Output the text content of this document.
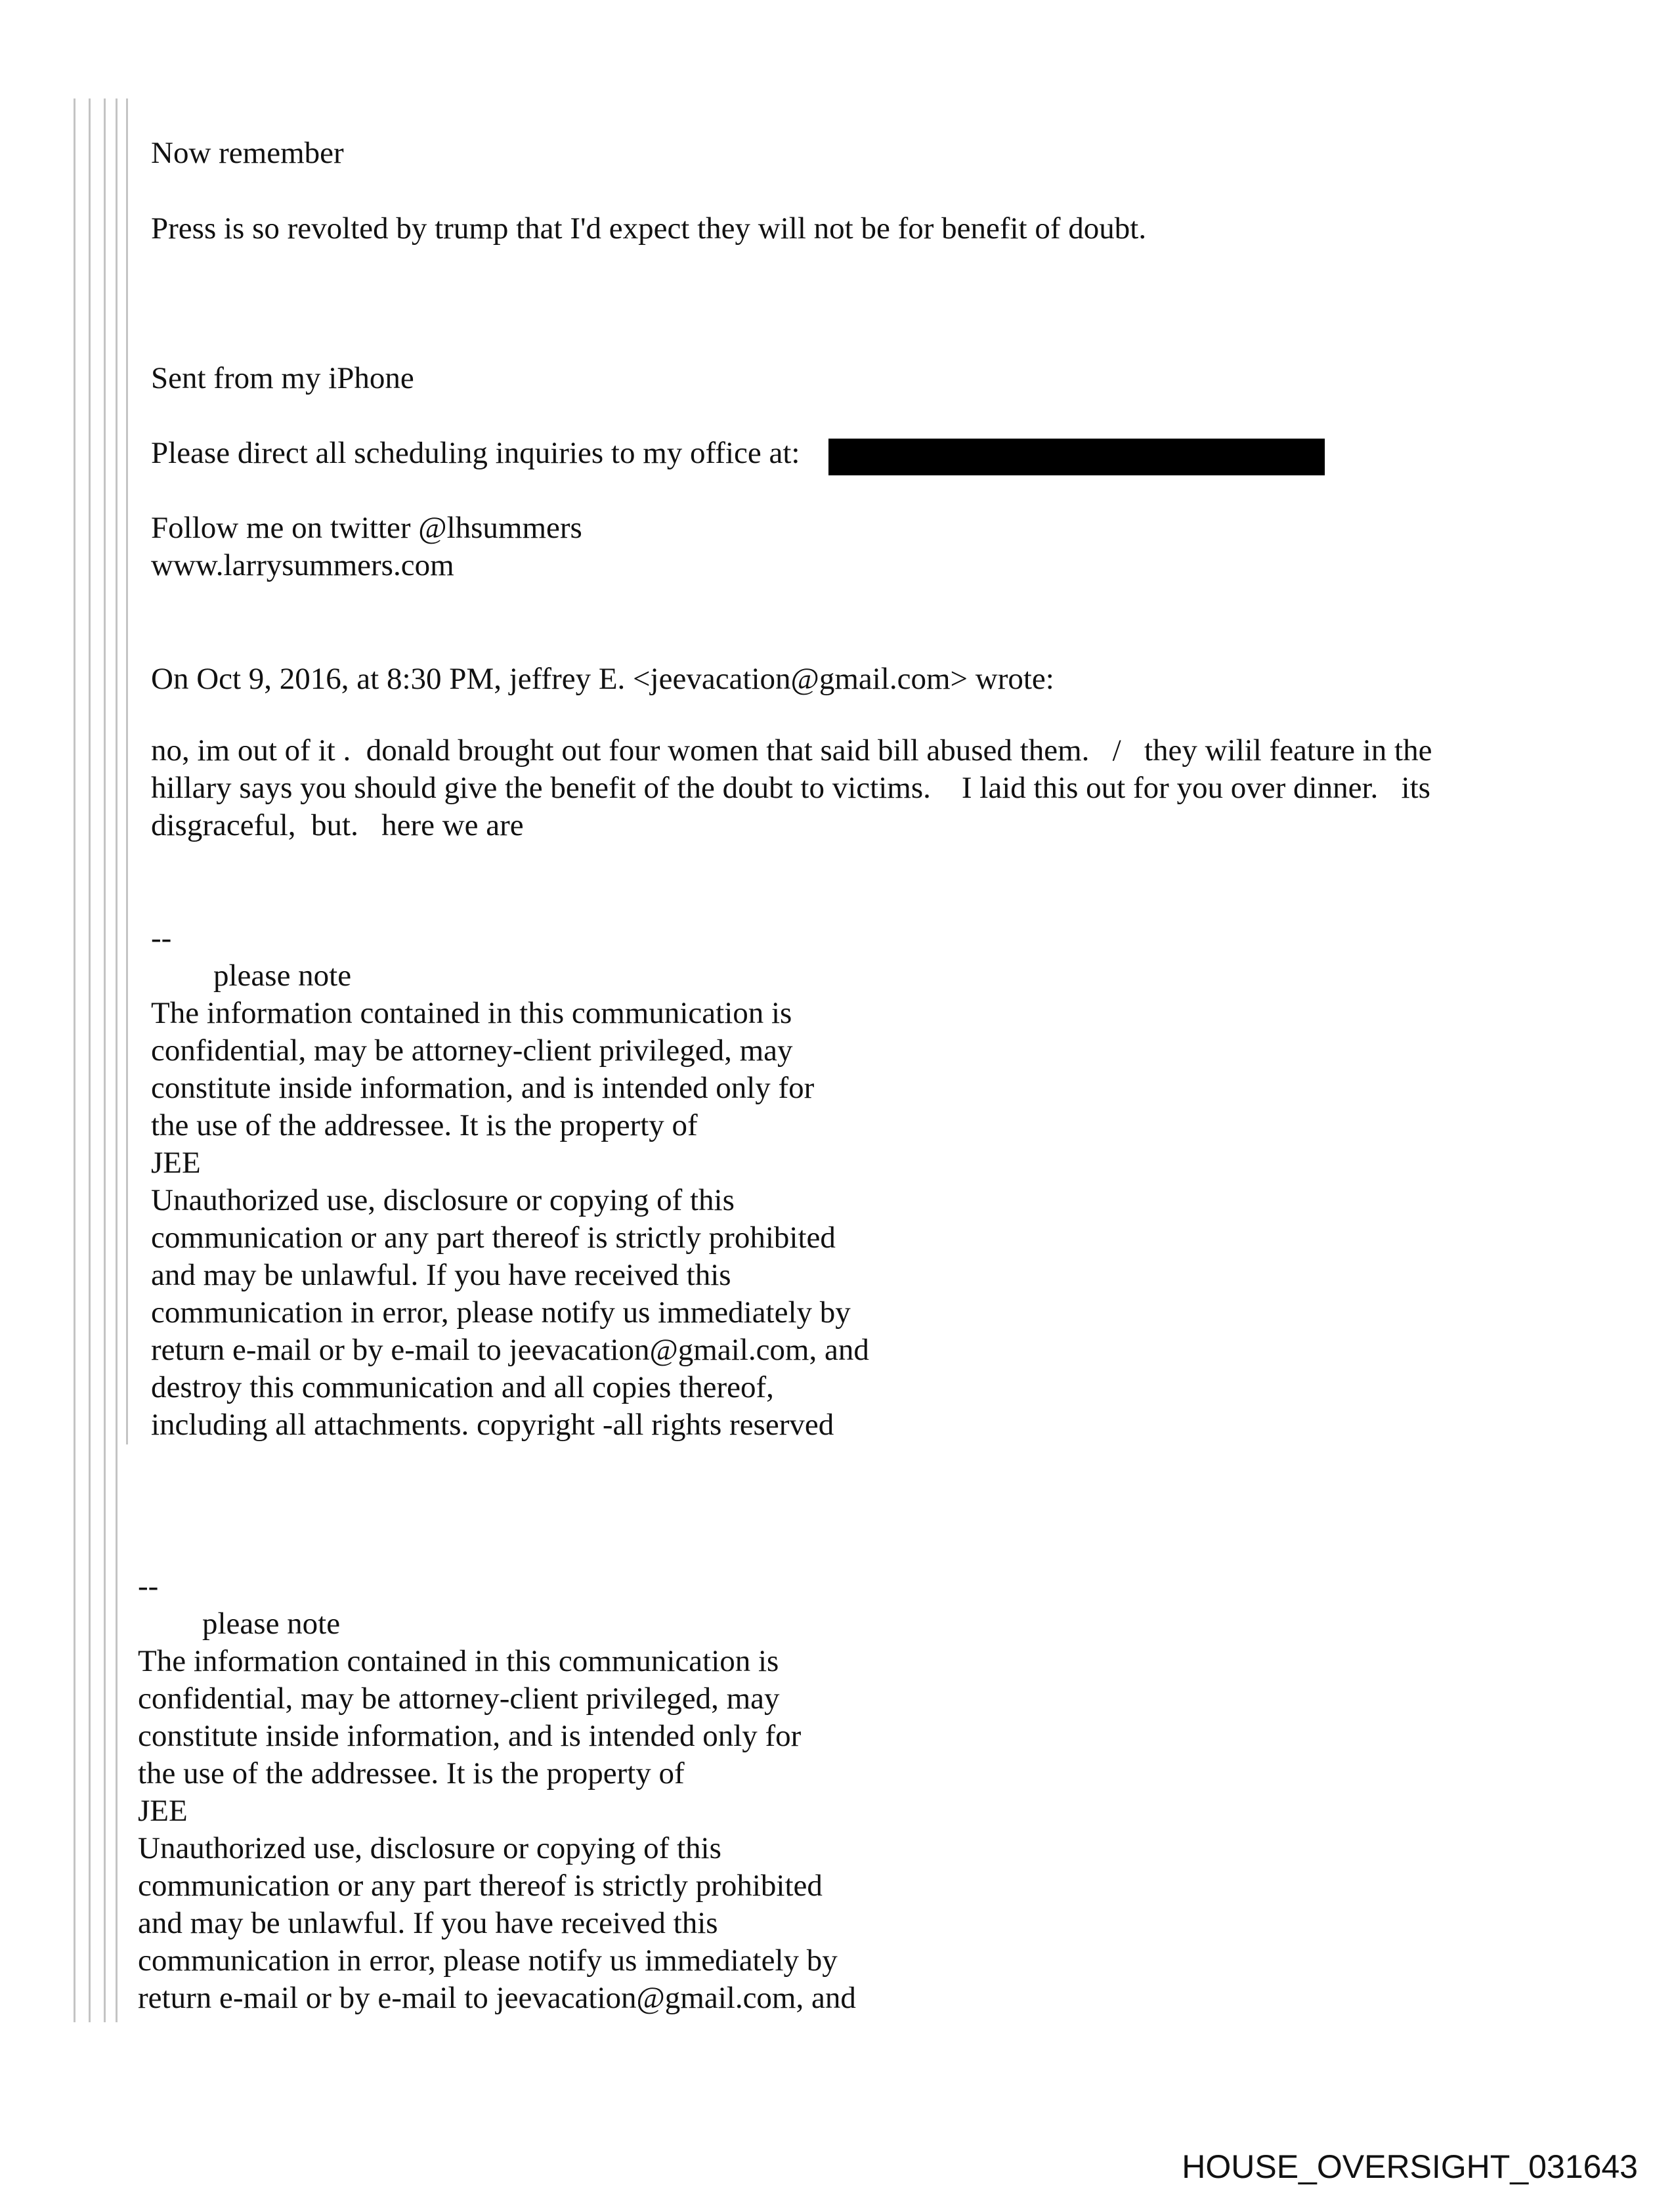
Now remember

Press is so revolted by trump that I'd expect they will not be for benefit of doubt.

Sent from my iPhone

Please direct all scheduling inquiries to my office at:

Follow me on twitter @lhsummers

www.larrysummers.com

On Oct 9, 2016, at 8:30 PM, jeffrey E. <jeevacation@gmail.com> wrote:

no, im out of it .  donald brought out four women that said bill abused them.   /   they wilil feature in the

hillary says you should give the benefit of the doubt to victims.    I laid this out for you over dinner.   its

disgraceful,  but.   here we are

--

please note

The information contained in this communication is

confidential, may be attorney-client privileged, may

constitute inside information, and is intended only for

the use of the addressee. It is the property of

JEE

Unauthorized use, disclosure or copying of this

communication or any part thereof is strictly prohibited

and may be unlawful. If you have received this

communication in error, please notify us immediately by

return e-mail or by e-mail to jeevacation@gmail.com, and

destroy this communication and all copies thereof,

including all attachments. copyright -all rights reserved

--

please note

The information contained in this communication is

confidential, may be attorney-client privileged, may

constitute inside information, and is intended only for

the use of the addressee. It is the property of

JEE

Unauthorized use, disclosure or copying of this

communication or any part thereof is strictly prohibited

and may be unlawful. If you have received this

communication in error, please notify us immediately by

return e-mail or by e-mail to jeevacation@gmail.com, and

HOUSE_OVERSIGHT_031643
